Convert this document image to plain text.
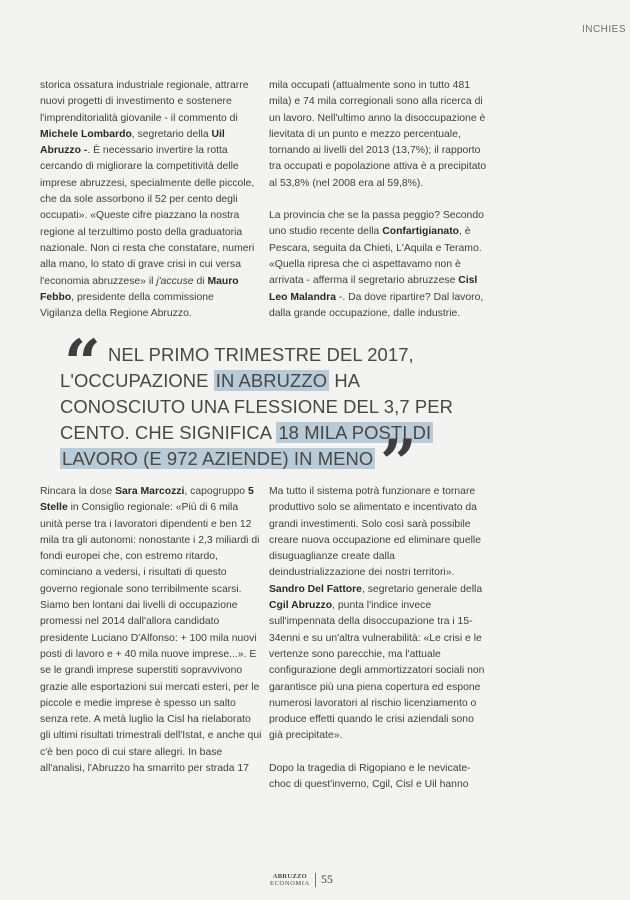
INCHIES

storica ossatura industriale regionale, attrarre nuovi progetti di investimento e sostenere l'imprenditorialità giovanile - il commento di Michele Lombardo, segretario della Uil Abruzzo -. È necessario invertire la rotta cercando di migliorare la competitività delle imprese abruzzesi, specialmente delle piccole, che da sole assorbono il 52 per cento degli occupati». «Queste cifre piazzano la nostra regione al terzultimo posto della graduatoria nazionale. Non ci resta che constatare, numeri alla mano, lo stato di grave crisi in cui versa l'economia abruzzese» il j'accuse di Mauro Febbo, presidente della commissione Vigilanza della Regione Abruzzo.

mila occupati (attualmente sono in tutto 481 mila) e 74 mila corregionali sono alla ricerca di un lavoro. Nell'ultimo anno la disoccupazione è lievitata di un punto e mezzo percentuale, tornando ai livelli del 2013 (13,7%); il rapporto tra occupati e popolazione attiva è a precipitato al 53,8% (nel 2008 era al 59,8%).

La provincia che se la passa peggio? Secondo uno studio recente della Confartigianato, è Pescara, seguita da Chieti, L'Aquila e Teramo. «Quella ripresa che ci aspettavamo non è arrivata - afferma il segretario abruzzese Cisl Leo Malandra -. Da dove ripartire? Dal lavoro, dalla grande occupazione, dalle industrie.

“ NEL PRIMO TRIMESTRE DEL 2017,
L'OCCUPAZIONE IN ABRUZZO HA
CONOSCIUTO UNA FLESSIONE DEL 3,7 PER
CENTO. CHE SIGNIFICA 18 MILA POSTI DI
LAVORO (E 972 AZIENDE) IN MENO ”

Rincara la dose Sara Marcozzi, capogruppo 5 Stelle in Consiglio regionale: «Più di 6 mila unità perse tra i lavoratori dipendenti e ben 12 mila tra gli autonomi: nonostante i 2,3 miliardi di fondi europei che, con estremo ritardo, cominciano a vedersi, i risultati di questo governo regionale sono terribilmente scarsi. Siamo ben lontani dai livelli di occupazione promessi nel 2014 dall'allora candidato presidente Luciano D'Alfonso: + 100 mila nuovi posti di lavoro e + 40 mila nuove imprese...». E se le grandi imprese superstiti sopravvivono grazie alle esportazioni sui mercati esteri, per le piccole e medie imprese è spesso un salto senza rete. A metà luglio la Cisl ha rielaborato gli ultimi risultati trimestrali dell'Istat, e anche qui c'è ben poco di cui stare allegri. In base all'analisi, l'Abruzzo ha smarrito per strada 17

Ma tutto il sistema potrà funzionare e tornare produttivo solo se alimentato e incentivato da grandi investimenti. Solo così sarà possibile creare nuova occupazione ed eliminare quelle disuguaglianze create dalla deindustrializzazione dei nostri territori». Sandro Del Fattore, segretario generale della Cgil Abruzzo, punta l'indice invece sull'impennata della disoccupazione tra i 15-34enni e su un'altra vulnerabilità: «Le crisi e le vertenze sono parecchie, ma l'attuale configurazione degli ammortizzatori sociali non garantisce più una piena copertura ed espone numerosi lavoratori al rischio licenziamento o produce effetti quando le crisi aziendali sono già precipitate».

Dopo la tragedia di Rigopiano e le nevicate-choc di quest'inverno, Cgil, Cisl e Uil hanno

ABRUZZO
ECONOMIA 55
